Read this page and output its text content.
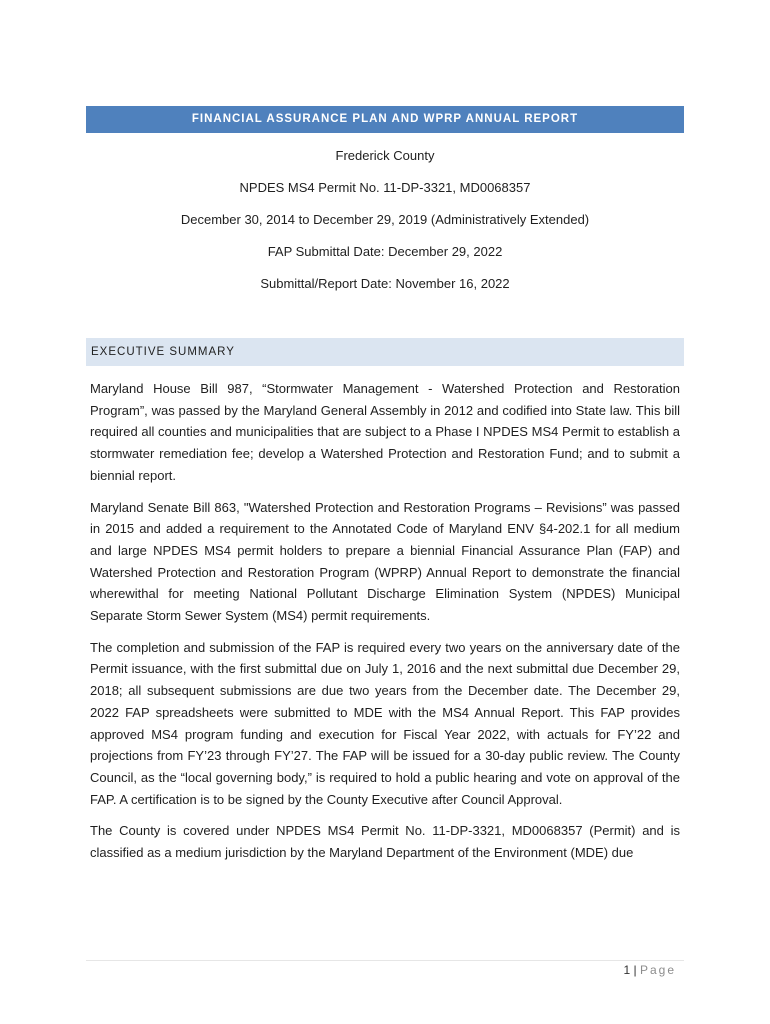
FINANCIAL ASSURANCE PLAN AND WPRP ANNUAL REPORT
Frederick County
NPDES MS4 Permit No. 11-DP-3321, MD0068357
December 30, 2014 to December 29, 2019 (Administratively Extended)
FAP Submittal Date: December 29, 2022
Submittal/Report Date: November 16, 2022
EXECUTIVE SUMMARY

Maryland House Bill 987, “Stormwater Management - Watershed Protection and Restoration Program”, was passed by the Maryland General Assembly in 2012 and codified into State law. This bill required all counties and municipalities that are subject to a Phase I NPDES MS4 Permit to establish a stormwater remediation fee; develop a Watershed Protection and Restoration Fund; and to submit a biennial report.

Maryland Senate Bill 863, "Watershed Protection and Restoration Programs – Revisions” was passed in 2015 and added a requirement to the Annotated Code of Maryland ENV §4-202.1 for all medium and large NPDES MS4 permit holders to prepare a biennial Financial Assurance Plan (FAP) and Watershed Protection and Restoration Program (WPRP) Annual Report to demonstrate the financial wherewithal for meeting National Pollutant Discharge Elimination System (NPDES) Municipal Separate Storm Sewer System (MS4) permit requirements.

The completion and submission of the FAP is required every two years on the anniversary date of the Permit issuance, with the first submittal due on July 1, 2016 and the next submittal due December 29, 2018; all subsequent submissions are due two years from the December date. The December 29, 2022 FAP spreadsheets were submitted to MDE with the MS4 Annual Report. This FAP provides approved MS4 program funding and execution for Fiscal Year 2022, with actuals for FY’22 and projections from FY’23 through FY’27. The FAP will be issued for a 30-day public review. The County Council, as the “local governing body,” is required to hold a public hearing and vote on approval of the FAP. A certification is to be signed by the County Executive after Council Approval.

The County is covered under NPDES MS4 Permit No. 11-DP-3321, MD0068357 (Permit) and is classified as a medium jurisdiction by the Maryland Department of the Environment (MDE) due

1 | Page
